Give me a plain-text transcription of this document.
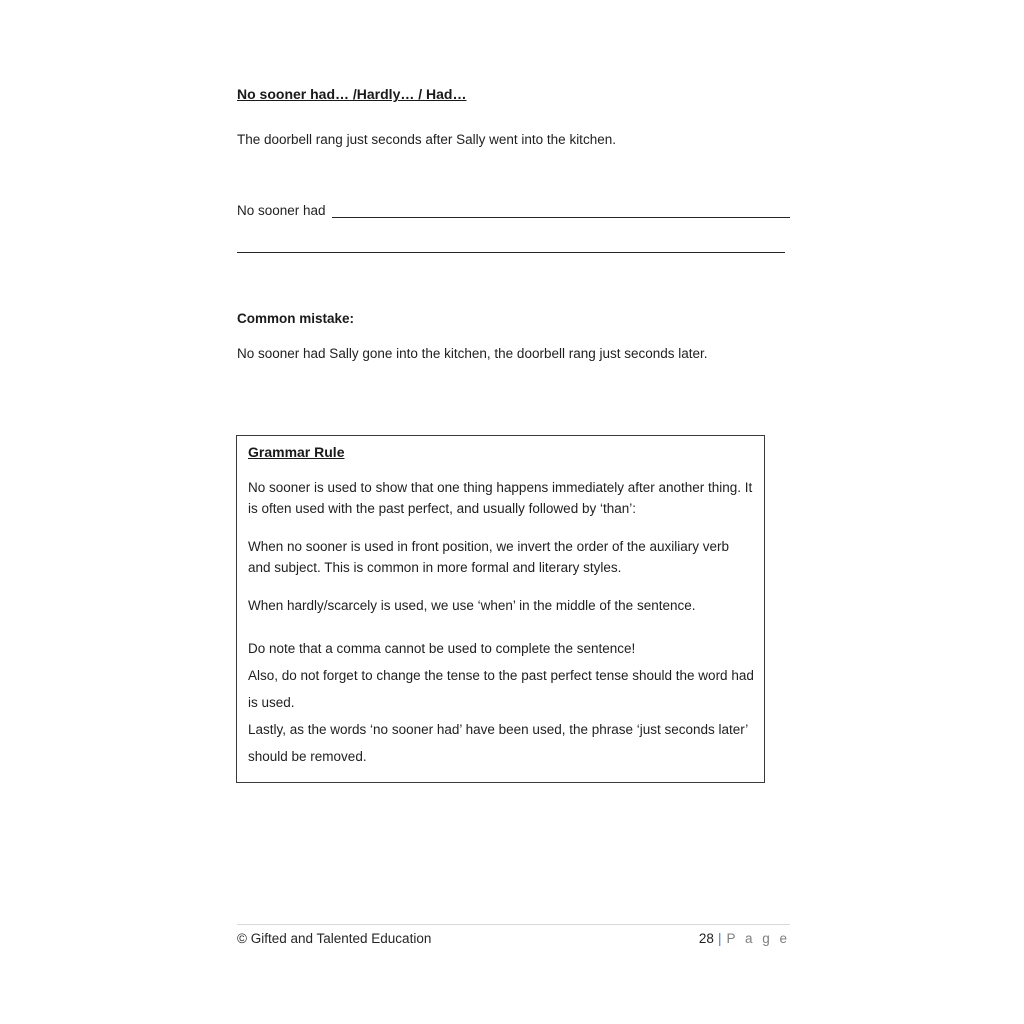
No sooner had… /Hardly… / Had…

The doorbell rang just seconds after Sally went into the kitchen.

No sooner had

Common mistake:

No sooner had Sally gone into the kitchen, the doorbell rang just seconds later.

Grammar Rule

No sooner is used to show that one thing happens immediately after another thing. It is often used with the past perfect, and usually followed by ‘than’:

When no sooner is used in front position, we invert the order of the auxiliary verb and subject. This is common in more formal and literary styles.

When hardly/scarcely is used, we use ‘when’ in the middle of the sentence.

Do note that a comma cannot be used to complete the sentence!

Also, do not forget to change the tense to the past perfect tense should the word had is used.

Lastly, as the words ‘no sooner had’ have been used, the phrase ‘just seconds later’ should be removed.

© Gifted and Talented Education	28 | P a g e
